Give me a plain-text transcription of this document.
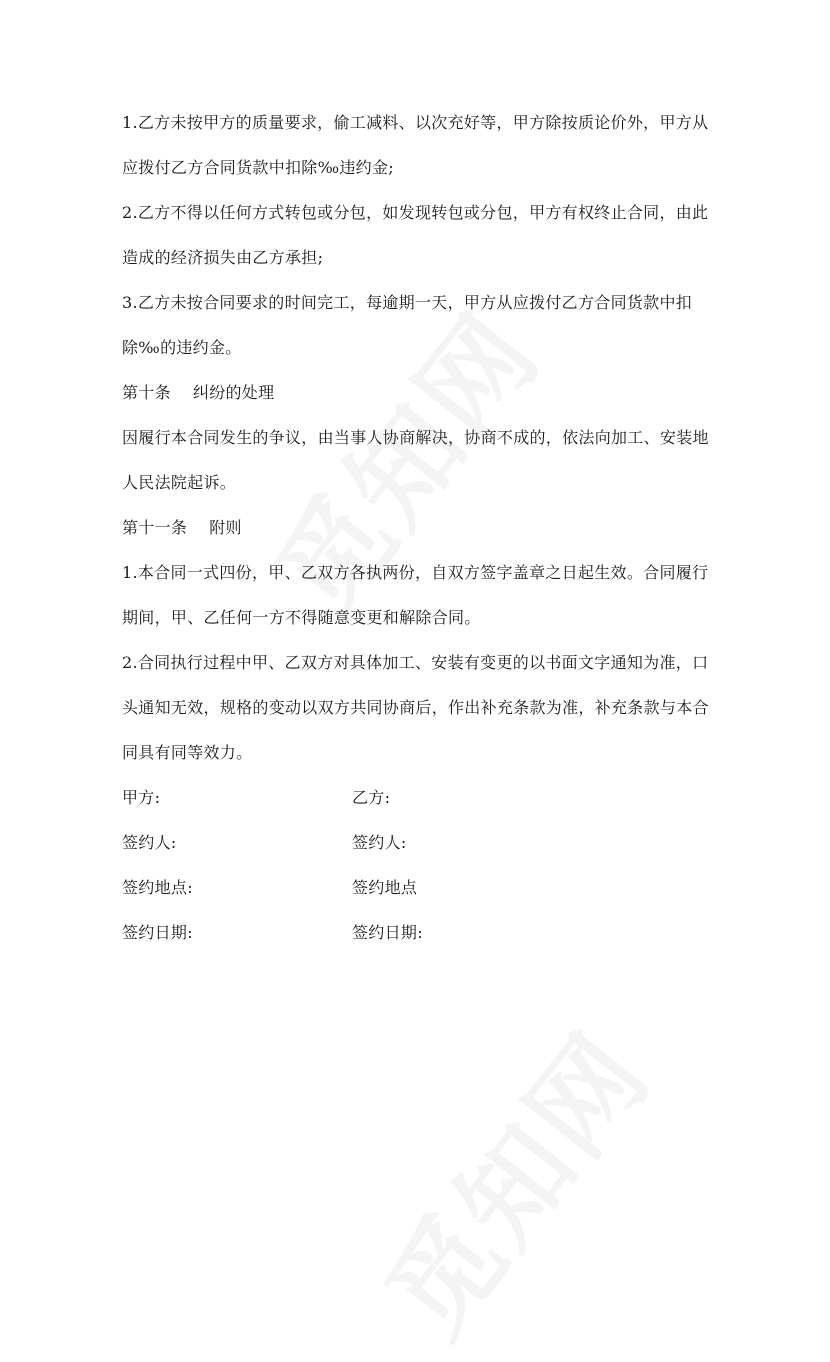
1.乙方未按甲方的质量要求，偷工减料、以次充好等，甲方除按质论价外，甲方从应拨付乙方合同货款中扣除‰违约金;

2.乙方不得以任何方式转包或分包，如发现转包或分包，甲方有权终止合同，由此造成的经济损失由乙方承担;

3.乙方未按合同要求的时间完工，每逾期一天，甲方从应拨付乙方合同货款中扣除‰的违约金。

第十条 纠纷的处理

因履行本合同发生的争议，由当事人协商解决，协商不成的，依法向加工、安装地人民法院起诉。

第十一条 附则

1.本合同一式四份，甲、乙双方各执两份，自双方签字盖章之日起生效。合同履行期间，甲、乙任何一方不得随意变更和解除合同。

2.合同执行过程中甲、乙双方对具体加工、安装有变更的以书面文字通知为准，口头通知无效，规格的变动以双方共同协商后，作出补充条款为准，补充条款与本合同具有同等效力。

甲方:	乙方:
签约人:	签约人:
签约地点:	签约地点
签约日期:	签约日期:
